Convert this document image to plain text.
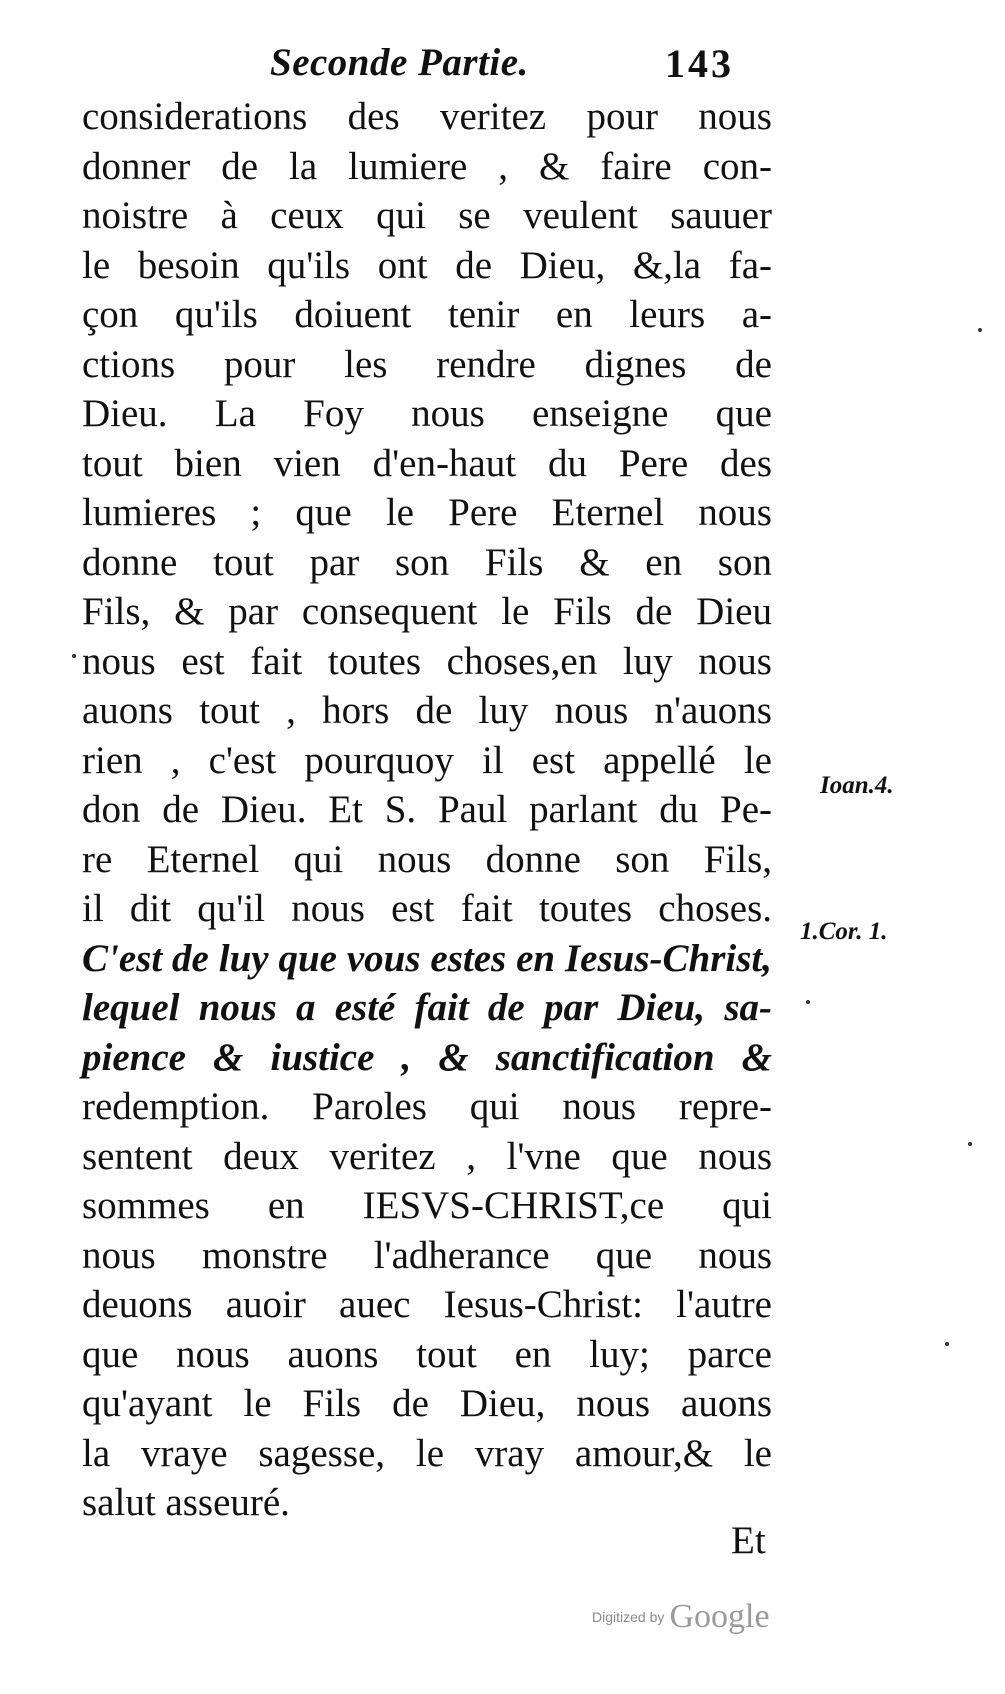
Seconde Partie.	143
considerations des veritez pour nous
donner de la lumiere , & faire con-
noistre à ceux qui se veulent sauuer
le besoin qu'ils ont de Dieu, &,la fa-
çon qu'ils doiuent tenir en leurs a-
ctions pour les rendre dignes de
Dieu. La Foy nous enseigne que
tout bien vien d'en-haut du Pere des
lumieres ; que le Pere Eternel nous
donne tout par son Fils & en son
Fils, & par consequent le Fils de Dieu
nous est fait toutes choses,en luy nous
auons tout , hors de luy nous n'auons
rien , c'est pourquoy il est appellé le
don de Dieu. Et S. Paul parlant du Pe-
re Eternel qui nous donne son Fils,
il dit qu'il nous est fait toutes choses.
C'est de luy que vous estes en Iesus-Christ,
lequel nous a esté fait de par Dieu, sa-
pience & iustice , & sanctification &
redemption. Paroles qui nous repre-
sentent deux veritez , l'vne que nous
sommes en IESVS-CHRIST,ce qui
nous monstre l'adherance que nous
deuons auoir auec Iesus-Christ: l'autre
que nous auons tout en luy; parce
qu'ayant le Fils de Dieu, nous auons
la vraye sagesse, le vray amour,& le
salut asseuré.
Ioan.4.
1.Cor. 1.
Et
Digitized by Google
